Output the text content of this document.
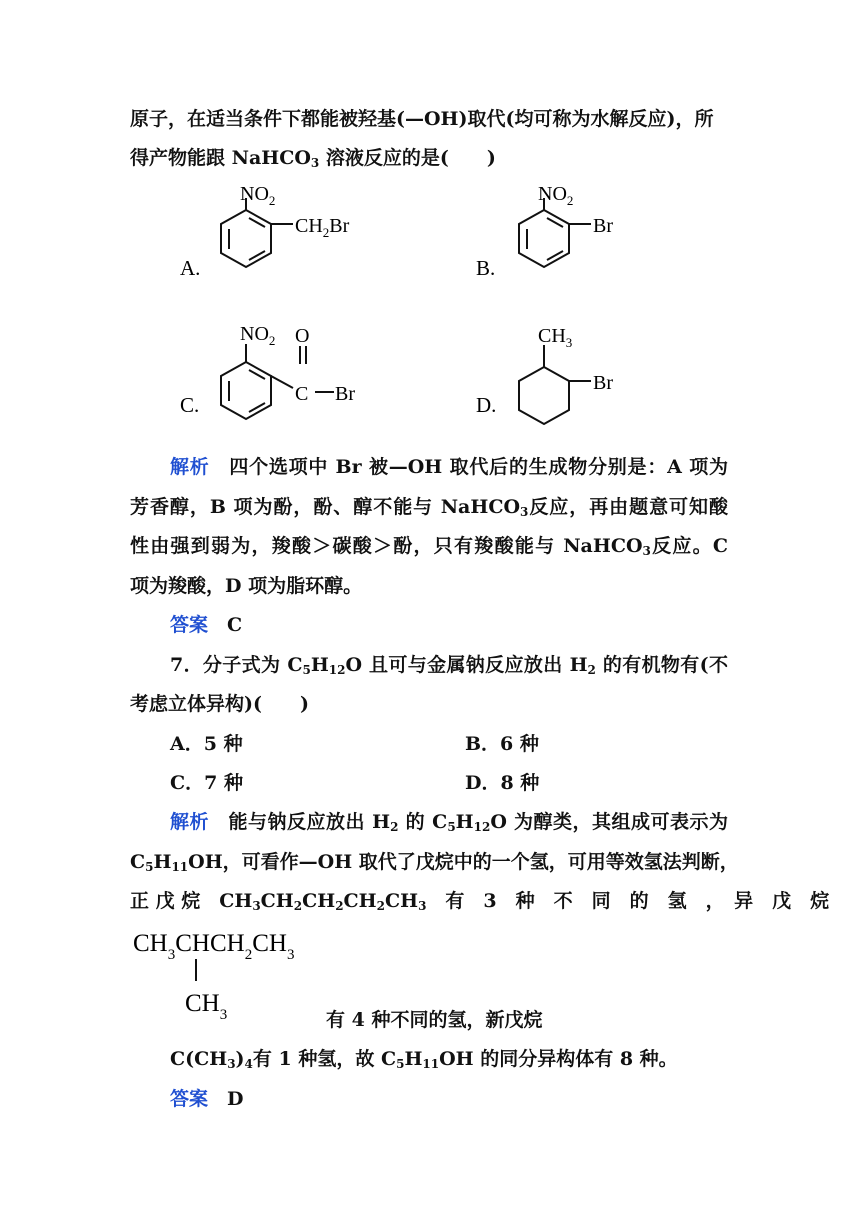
原子，在适当条件下都能被羟基(—OH)取代(均可称为水解反应)，所
得产物能跟 NaHCO$_3$ 溶液反应的是(　　)
A.
$NO_2$
$CH_2Br$
B.
$NO_2$
Br
C.
$NO_2$ O
C Br	D.
$CH_3$
Br
解析　四个选项中 Br 被—OH 取代后的生成物分别是：A 项为
芳香醇，B 项为酚，酚、醇不能与 NaHCO$_3$反应，再由题意可知酸
性由强到弱为，羧酸＞碳酸＞酚，只有羧酸能与 NaHCO$_3$反应。C
项为羧酸，D 项为脂环醇。
答案　C
7．分子式为 $C_5H_{12}O$ 且可与金属钠反应放出 $H_2$ 的有机物有(不
考虑立体异构)(　　)
A．5 种	B．6 种
C．7 种	D．8 种
解析　能与钠反应放出 $H_2$ 的 $C_5H_{12}O$ 为醇类，其组成可表示为
$C_5H_{11}OH$，可看作—OH 取代了戊烷中的一个氢，可用等效氢法判断，
正 戊 烷　$CH_3CH_2CH_2CH_2CH_3$　有　3　种　不　同　的　氢　，　异　戊　烷
$CH_3CHCH_2CH_3$
$CH_3$	有 4 种不同的氢，新戊烷
$C(CH_3)_4$有 1 种氢，故 $C_5H_{11}OH$ 的同分异构体有 8 种。
答案　D
